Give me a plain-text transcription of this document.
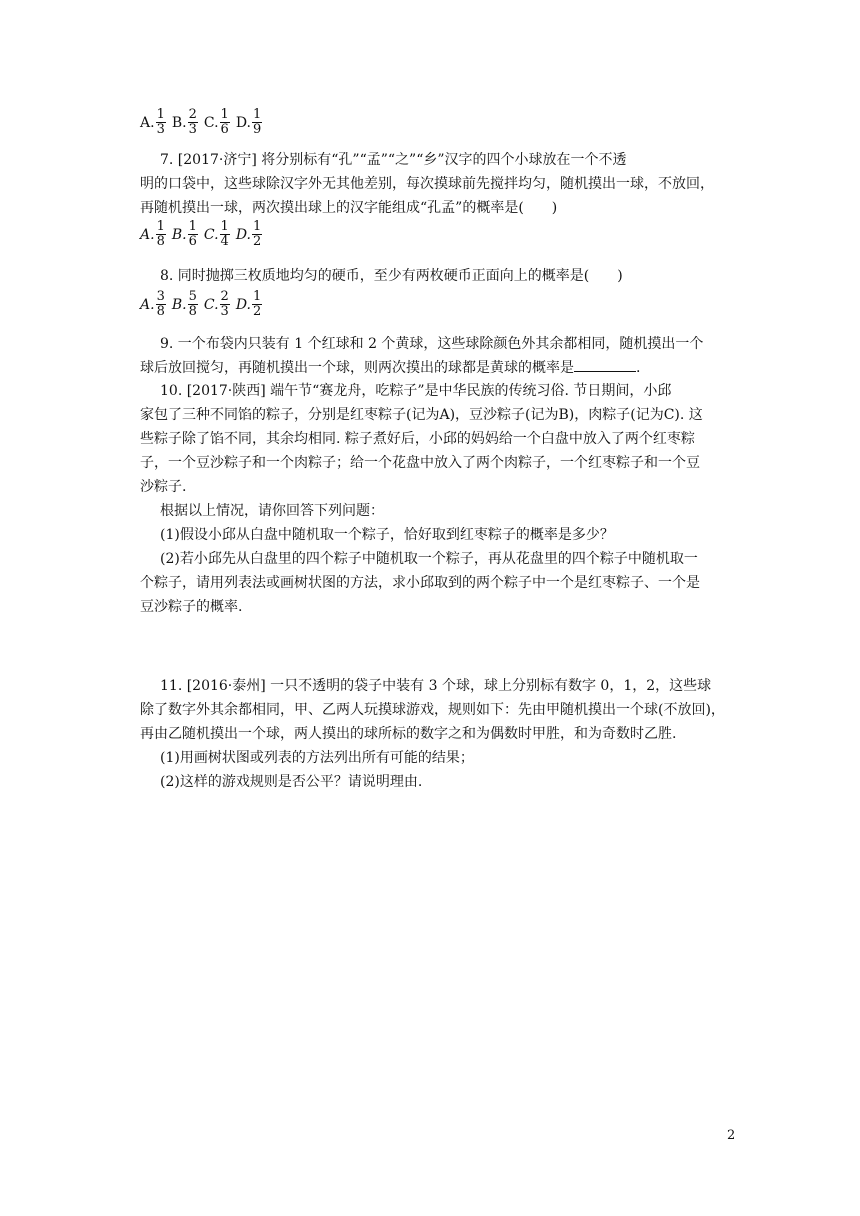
A. $\frac{1}{3} B$. $\frac{2}{3} C$. $\frac{1}{6} D$. $\frac{1}{9}$
7. [2017·济宁] 将分别标有“孔”“孟”“之”“乡”汉字的四个小球放在一个不透
明的口袋中，这些球除汉字外无其他差别，每次摸球前先搅拌均匀，随机摸出一球，不放回，
再随机摸出一球，两次摸出球上的汉字能组成“孔孟”的概率是(　　)
A. $\frac{1}{8} B$. $\frac{1}{6} C$. $\frac{1}{4} D$. $\frac{1}{2}$
8. 同时抛掷三枚质地均匀的硬币，至少有两枚硬币正面向上的概率是(　　)
A. $\frac{3}{8} B$. $\frac{5}{8} C$. $\frac{2}{3} D$. $\frac{1}{2}$
9. 一个布袋内只装有 1 个红球和 2 个黄球，这些球除颜色外其余都相同，随机摸出一个
球后放回搅匀，再随机摸出一个球，则两次摸出的球都是黄球的概率是	.
10. [2017·陕西] 端午节“赛龙舟，吃粽子”是中华民族的传统习俗. 节日期间，小邱
家包了三种不同馅的粽子，分别是红枣粽子(记为A)，豆沙粽子(记为B)，肉粽子(记为C). 这
些粽子除了馅不同，其余均相同. 粽子煮好后，小邱的妈妈给一个白盘中放入了两个红枣粽
子，一个豆沙粽子和一个肉粽子；给一个花盘中放入了两个肉粽子，一个红枣粽子和一个豆
沙粽子.
根据以上情况，请你回答下列问题：
(1)假设小邱从白盘中随机取一个粽子，恰好取到红枣粽子的概率是多少？
(2)若小邱先从白盘里的四个粽子中随机取一个粽子，再从花盘里的四个粽子中随机取一
个粽子，请用列表法或画树状图的方法，求小邱取到的两个粽子中一个是红枣粽子、一个是
豆沙粽子的概率.
11. [2016·泰州] 一只不透明的袋子中装有 3 个球，球上分别标有数字 0，1，2，这些球
除了数字外其余都相同，甲、乙两人玩摸球游戏，规则如下：先由甲随机摸出一个球(不放回)，
再由乙随机摸出一个球，两人摸出的球所标的数字之和为偶数时甲胜，和为奇数时乙胜.
(1)用画树状图或列表的方法列出所有可能的结果；
(2)这样的游戏规则是否公平？请说明理由.
2
